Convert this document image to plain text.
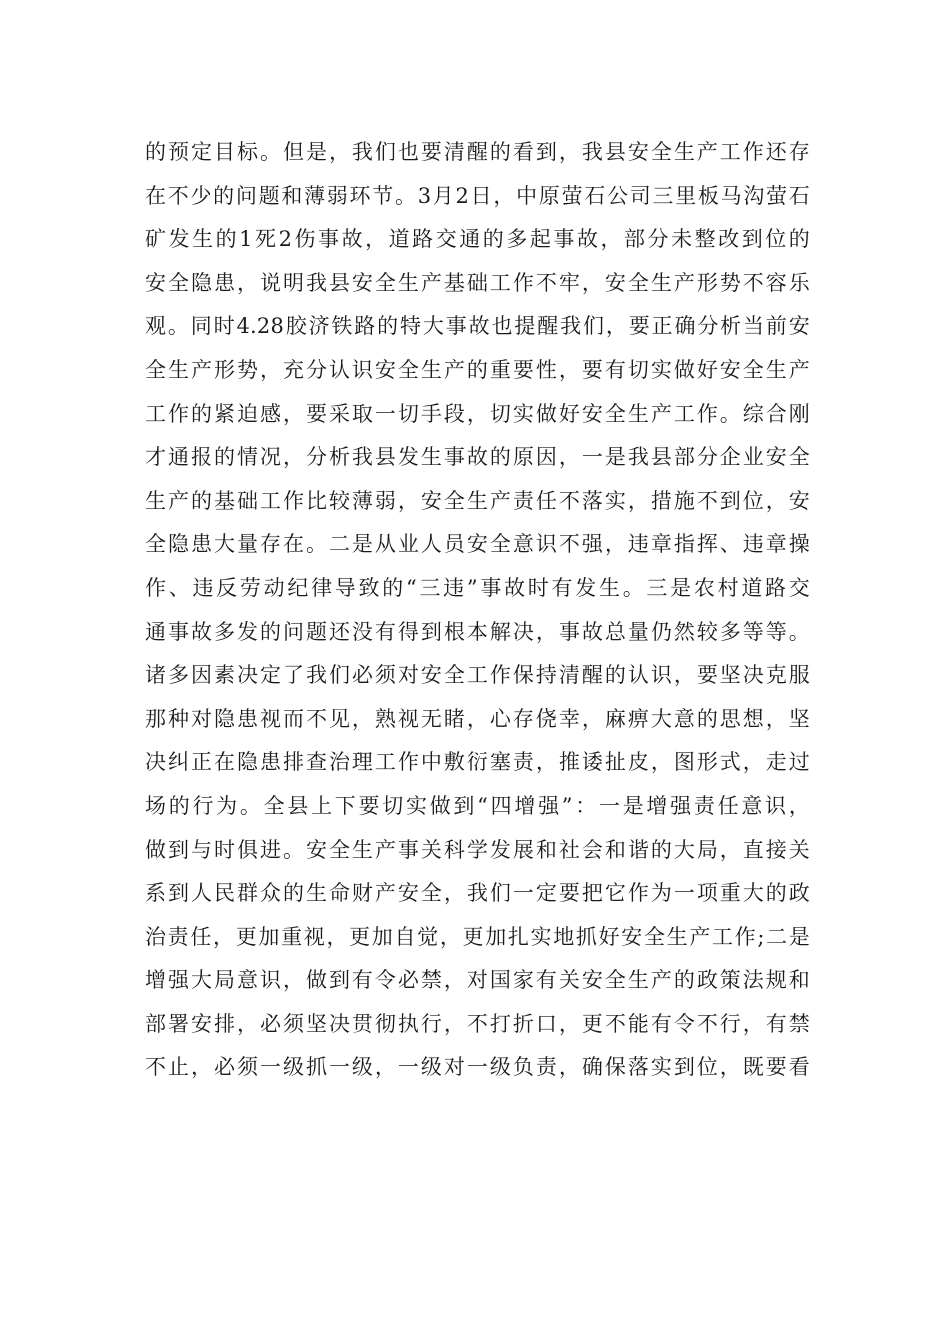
的预定目标。但是，我们也要清醒的看到，我县安全生产工作还存
在不少的问题和薄弱环节。3月2日，中原萤石公司三里板马沟萤石
矿发生的1死2伤事故，道路交通的多起事故，部分未整改到位的
安全隐患，说明我县安全生产基础工作不牢，安全生产形势不容乐
观。同时4.28胶济铁路的特大事故也提醒我们，要正确分析当前安
全生产形势，充分认识安全生产的重要性，要有切实做好安全生产
工作的紧迫感，要采取一切手段，切实做好安全生产工作。综合刚
才通报的情况，分析我县发生事故的原因，一是我县部分企业安全
生产的基础工作比较薄弱，安全生产责任不落实，措施不到位，安
全隐患大量存在。二是从业人员安全意识不强，违章指挥、违章操
作、违反劳动纪律导致的“三违”事故时有发生。三是农村道路交
通事故多发的问题还没有得到根本解决，事故总量仍然较多等等。
诸多因素决定了我们必须对安全工作保持清醒的认识，要坚决克服
那种对隐患视而不见，熟视无睹，心存侥幸，麻痹大意的思想，坚
决纠正在隐患排查治理工作中敷衍塞责，推诿扯皮，图形式，走过
场的行为。全县上下要切实做到“四增强”：一是增强责任意识，
做到与时俱进。安全生产事关科学发展和社会和谐的大局，直接关
系到人民群众的生命财产安全，我们一定要把它作为一项重大的政
治责任，更加重视，更加自觉，更加扎实地抓好安全生产工作;二是
增强大局意识，做到有令必禁，对国家有关安全生产的政策法规和
部署安排，必须坚决贯彻执行，不打折口，更不能有令不行，有禁
不止，必须一级抓一级，一级对一级负责，确保落实到位，既要看
